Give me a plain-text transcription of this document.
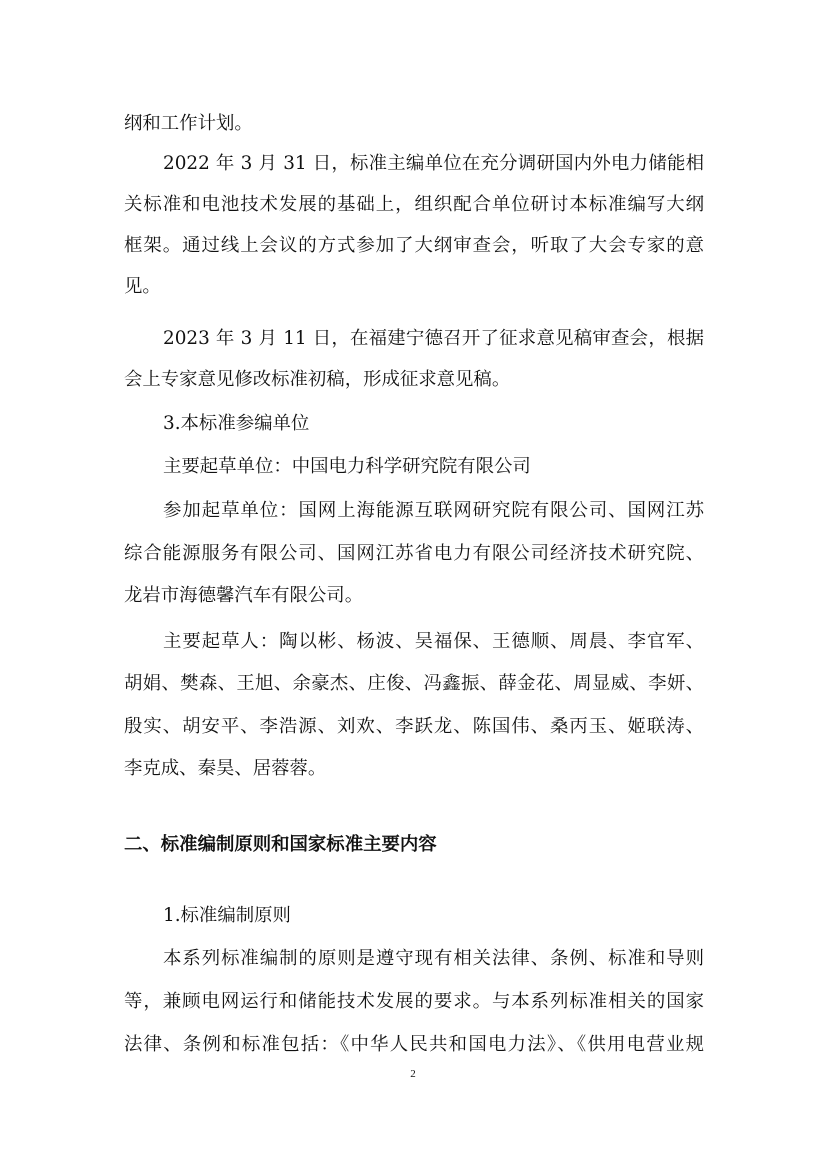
纲和工作计划。
2022 年 3 月 31 日，标准主编单位在充分调研国内外电力储能相
关标准和电池技术发展的基础上，组织配合单位研讨本标准编写大纲
框架。通过线上会议的方式参加了大纲审查会，听取了大会专家的意
见。
2023 年 3 月 11 日，在福建宁德召开了征求意见稿审查会，根据
会上专家意见修改标准初稿，形成征求意见稿。
3.本标准参编单位
主要起草单位：中国电力科学研究院有限公司
参加起草单位：国网上海能源互联网研究院有限公司、国网江苏
综合能源服务有限公司、国网江苏省电力有限公司经济技术研究院、
龙岩市海德馨汽车有限公司。
主要起草人：陶以彬、杨波、吴福保、王德顺、周晨、李官军、
胡娟、樊森、王旭、余豪杰、庄俊、冯鑫振、薛金花、周显威、李妍、
殷实、胡安平、李浩源、刘欢、李跃龙、陈国伟、桑丙玉、姬联涛、
李克成、秦昊、居蓉蓉。
二、标准编制原则和国家标准主要内容
1.标准编制原则
本系列标准编制的原则是遵守现有相关法律、条例、标准和导则
等，兼顾电网运行和储能技术发展的要求。与本系列标准相关的国家
法律、条例和标准包括：《中华人民共和国电力法》、《供用电营业规
2
